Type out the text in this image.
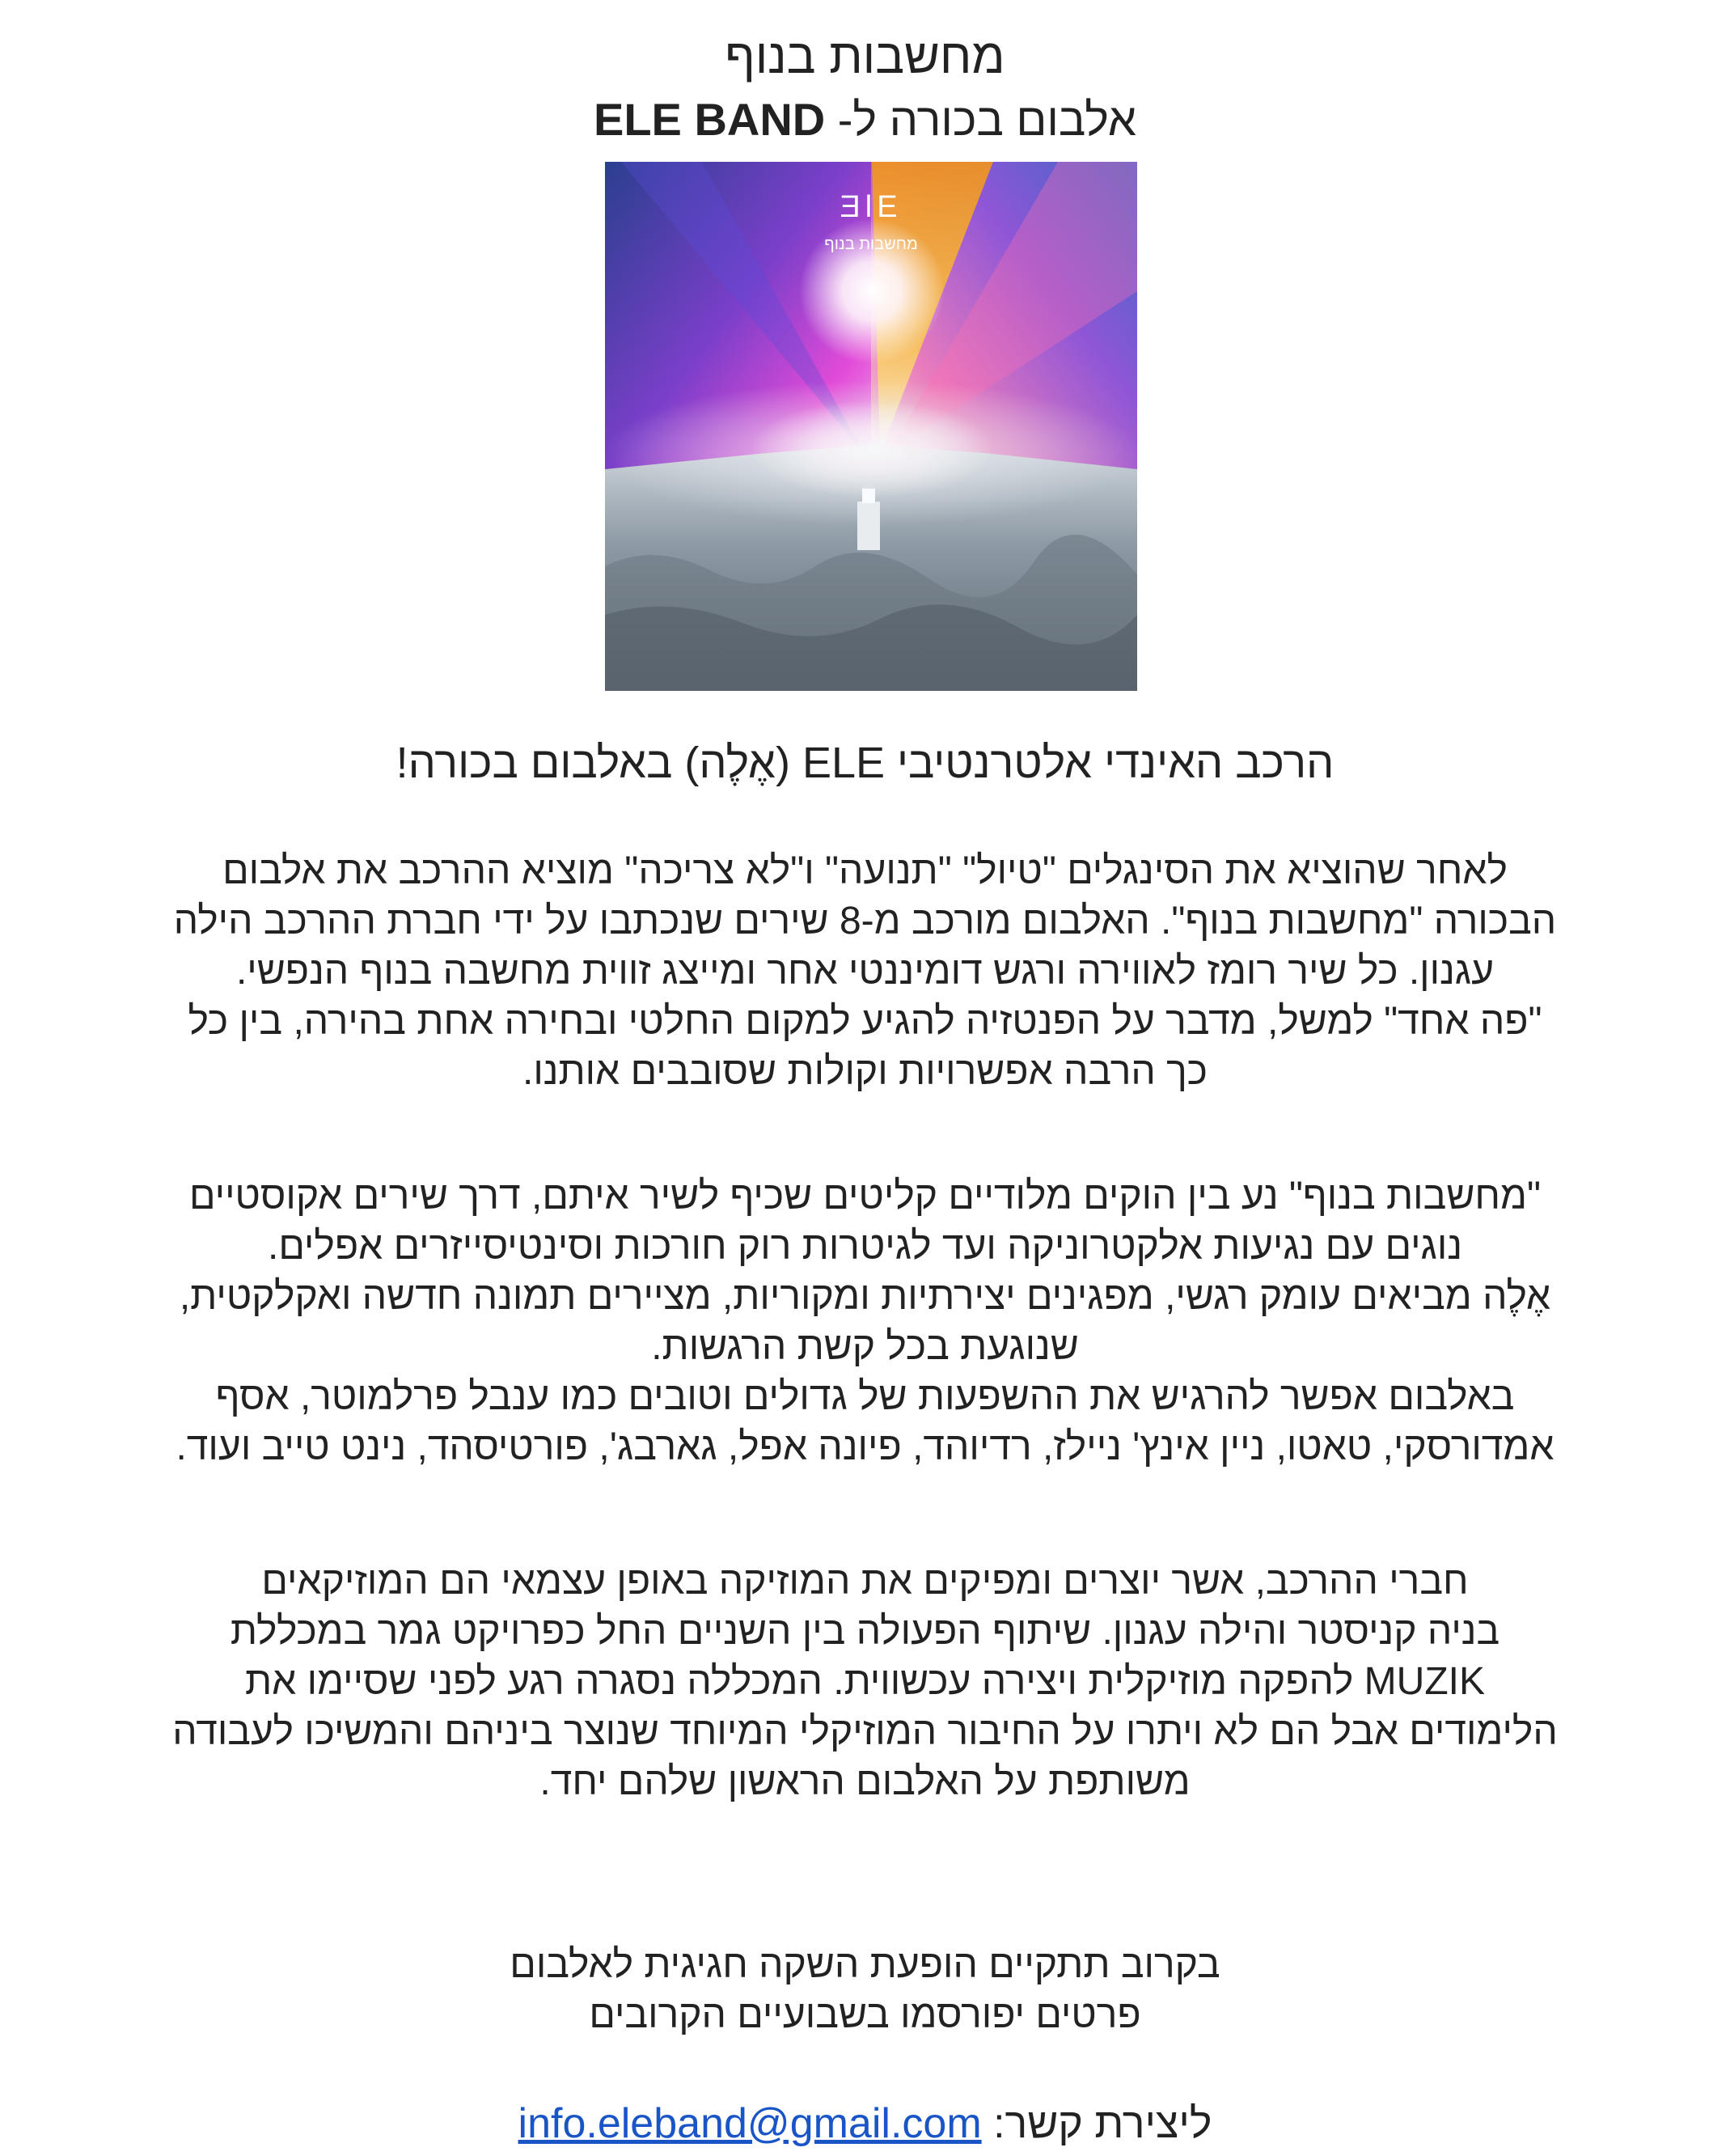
מחשבות בנוף
אלבום בכורה ל- ELE BAND
ƎlE
מחשבות בנוף
הרכב האינדי אלטרנטיבי ELE (אֶלֶה) באלבום בכורה!
לאחר שהוציא את הסינגלים "טיול" "תנועה" ו"לא צריכה" מוציא ההרכב את אלבום
הבכורה "מחשבות בנוף". האלבום מורכב מ-8 שירים שנכתבו על ידי חברת ההרכב הילה
עגנון. כל שיר רומז לאווירה ורגש דומיננטי אחר ומייצג זווית מחשבה בנוף הנפשי.
"פה אחד" למשל, מדבר על הפנטזיה להגיע למקום החלטי ובחירה אחת בהירה, בין כל
כך הרבה אפשרויות וקולות שסובבים אותנו.
"מחשבות בנוף" נע בין הוקים מלודיים קליטים שכיף לשיר איתם, דרך שירים אקוסטיים
נוגים עם נגיעות אלקטרוניקה ועד לגיטרות רוק חורכות וסינטיסייזרים אפלים.
אֶלֶה מביאים עומק רגשי, מפגינים יצירתיות ומקוריות, מציירים תמונה חדשה ואקלקטית,
שנוגעת בכל קשת הרגשות.
באלבום אפשר להרגיש את ההשפעות של גדולים וטובים כמו ענבל פרלמוטר, אסף
אמדורסקי, טאטו, ניין אינץ' ניילז, רדיוהד, פיונה אפל, גארבג', פורטיסהד, נינט טייב ועוד.
חברי ההרכב, אשר יוצרים ומפיקים את המוזיקה באופן עצמאי הם המוזיקאים
בניה קניסטר והילה עגנון. שיתוף הפעולה בין השניים החל כפרויקט גמר במכללת
MUZIK להפקה מוזיקלית ויצירה עכשווית. המכללה נסגרה רגע לפני שסיימו את
הלימודים אבל הם לא ויתרו על החיבור המוזיקלי המיוחד שנוצר ביניהם והמשיכו לעבודה
משותפת על האלבום הראשון שלהם יחד.
בקרוב תתקיים הופעת השקה חגיגית לאלבום
פרטים יפורסמו בשבועיים הקרובים
ליצירת קשר: info.eleband@gmail.com
